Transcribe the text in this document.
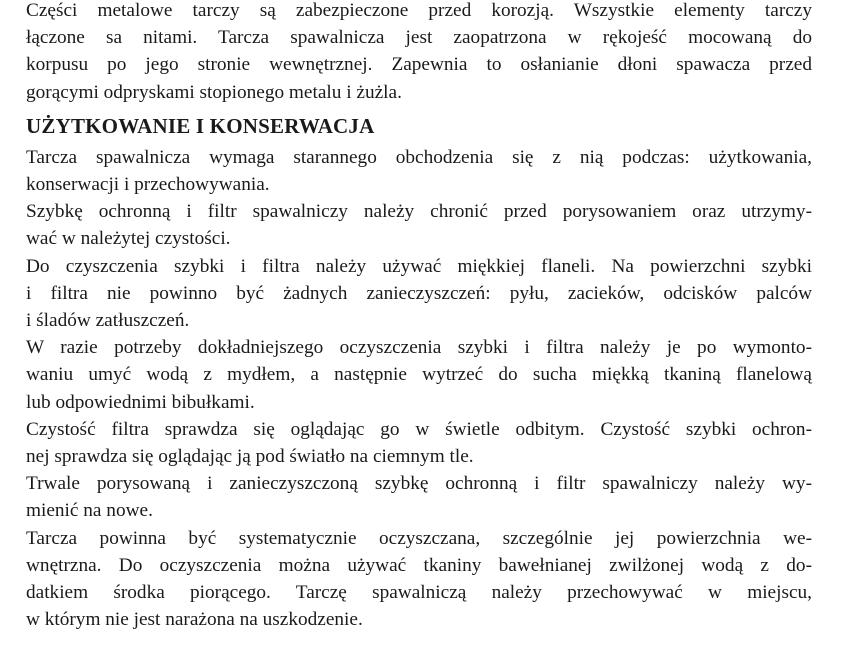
Części metalowe tarczy są zabezpieczone przed korozją. Wszystkie elementy tarczy
łączone sa nitami. Tarcza spawalnicza jest zaopatrzona w rękojeść mocowaną do
korpusu po jego stronie wewnętrznej. Zapewnia to osłanianie dłoni spawacza przed
gorącymi odpryskami stopionego metalu i żużla.
UŻYTKOWANIE I KONSERWACJA
Tarcza spawalnicza wymaga starannego obchodzenia się z nią podczas: użytkowania,
konserwacji i przechowywania.
Szybkę ochronną i filtr spawalniczy należy chronić przed porysowaniem oraz utrzymy-
wać w należytej czystości.
Do czyszczenia szybki i filtra należy używać miękkiej flaneli. Na powierzchni szybki
i filtra nie powinno być żadnych zanieczyszczeń: pyłu, zacieków, odcisków palców
i śladów zatłuszczeń.
W razie potrzeby dokładniejszego oczyszczenia szybki i filtra należy je po wymonto-
waniu umyć wodą z mydłem, a następnie wytrzeć do sucha miękką tkaniną flanelową
lub odpowiednimi bibułkami.
Czystość filtra sprawdza się oglądając go w świetle odbitym. Czystość szybki ochron-
nej sprawdza się oglądając ją pod światło na ciemnym tle.
Trwale porysowaną i zanieczyszczoną szybkę ochronną i filtr spawalniczy należy wy-
mienić na nowe.
Tarcza powinna być systematycznie oczyszczana, szczególnie jej powierzchnia we-
wnętrzna. Do oczyszczenia można używać tkaniny bawełnianej zwilżonej wodą z do-
datkiem środka piorącego. Tarczę spawalniczą należy przechowywać w miejscu,
w którym nie jest narażona na uszkodzenie.
